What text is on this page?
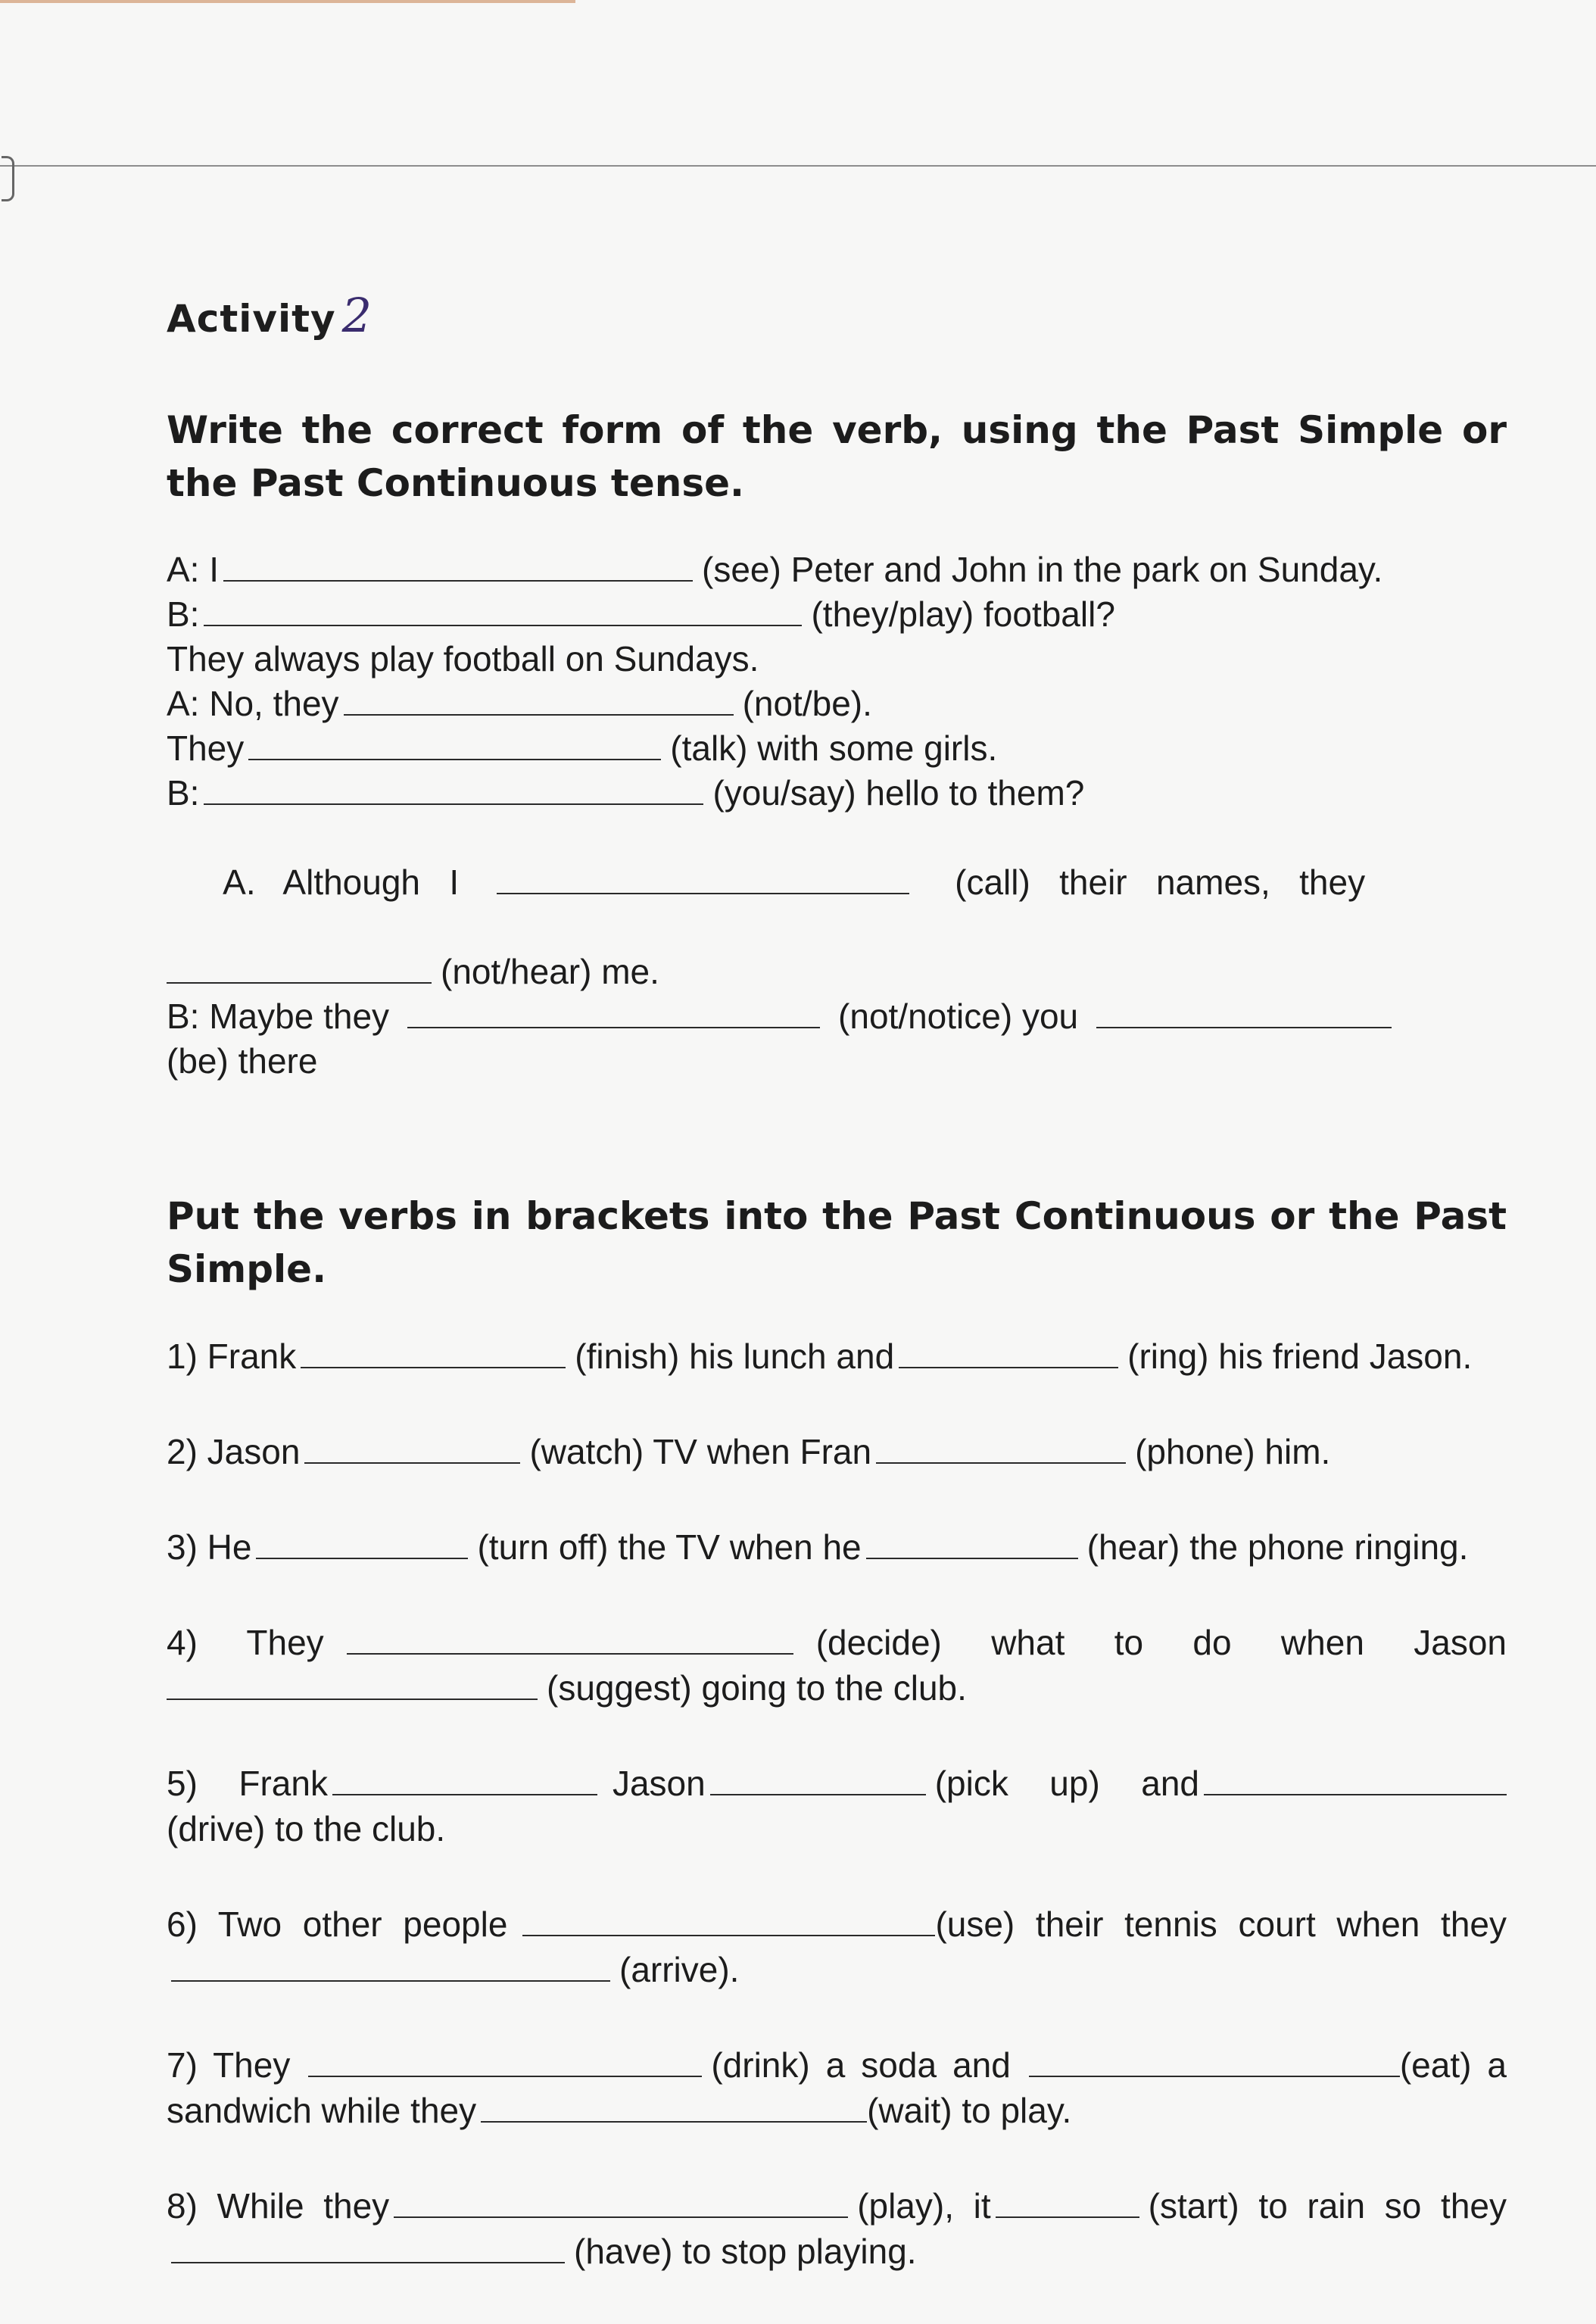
Activity 2

Write the correct form of the verb, using the Past Simple or the Past Continuous tense.

A: I	(see) Peter and John in the park on Sunday.
B:	(they/play) football?
They always play football on Sundays.
A: No, they	(not/be).
They	(talk) with some girls.
B:	(you/say) hello to them?

A.   Although   I	(call)   their   names,   they

(not/hear) me.
B: Maybe they	(not/notice) you
(be) there

Put the verbs in brackets into the Past Continuous or the Past Simple.

1) Frank	(finish) his lunch and	(ring) his friend Jason.

2) Jason	(watch) TV when Fran	(phone) him.

3) He	(turn off) the TV when he	(hear) the phone ringing.

4) They	(decide) what to do when Jason(suggest) going to the club.

5) Frank	Jason	(pick up) and(drive) to the club.

6) Two other people	(use) their tennis court when they(arrive).

7) They	(drink) a soda and	(eat) a sandwich while they	(wait) to play.

8) While they	(play), it	(start) to rain so they(have) to stop playing.
